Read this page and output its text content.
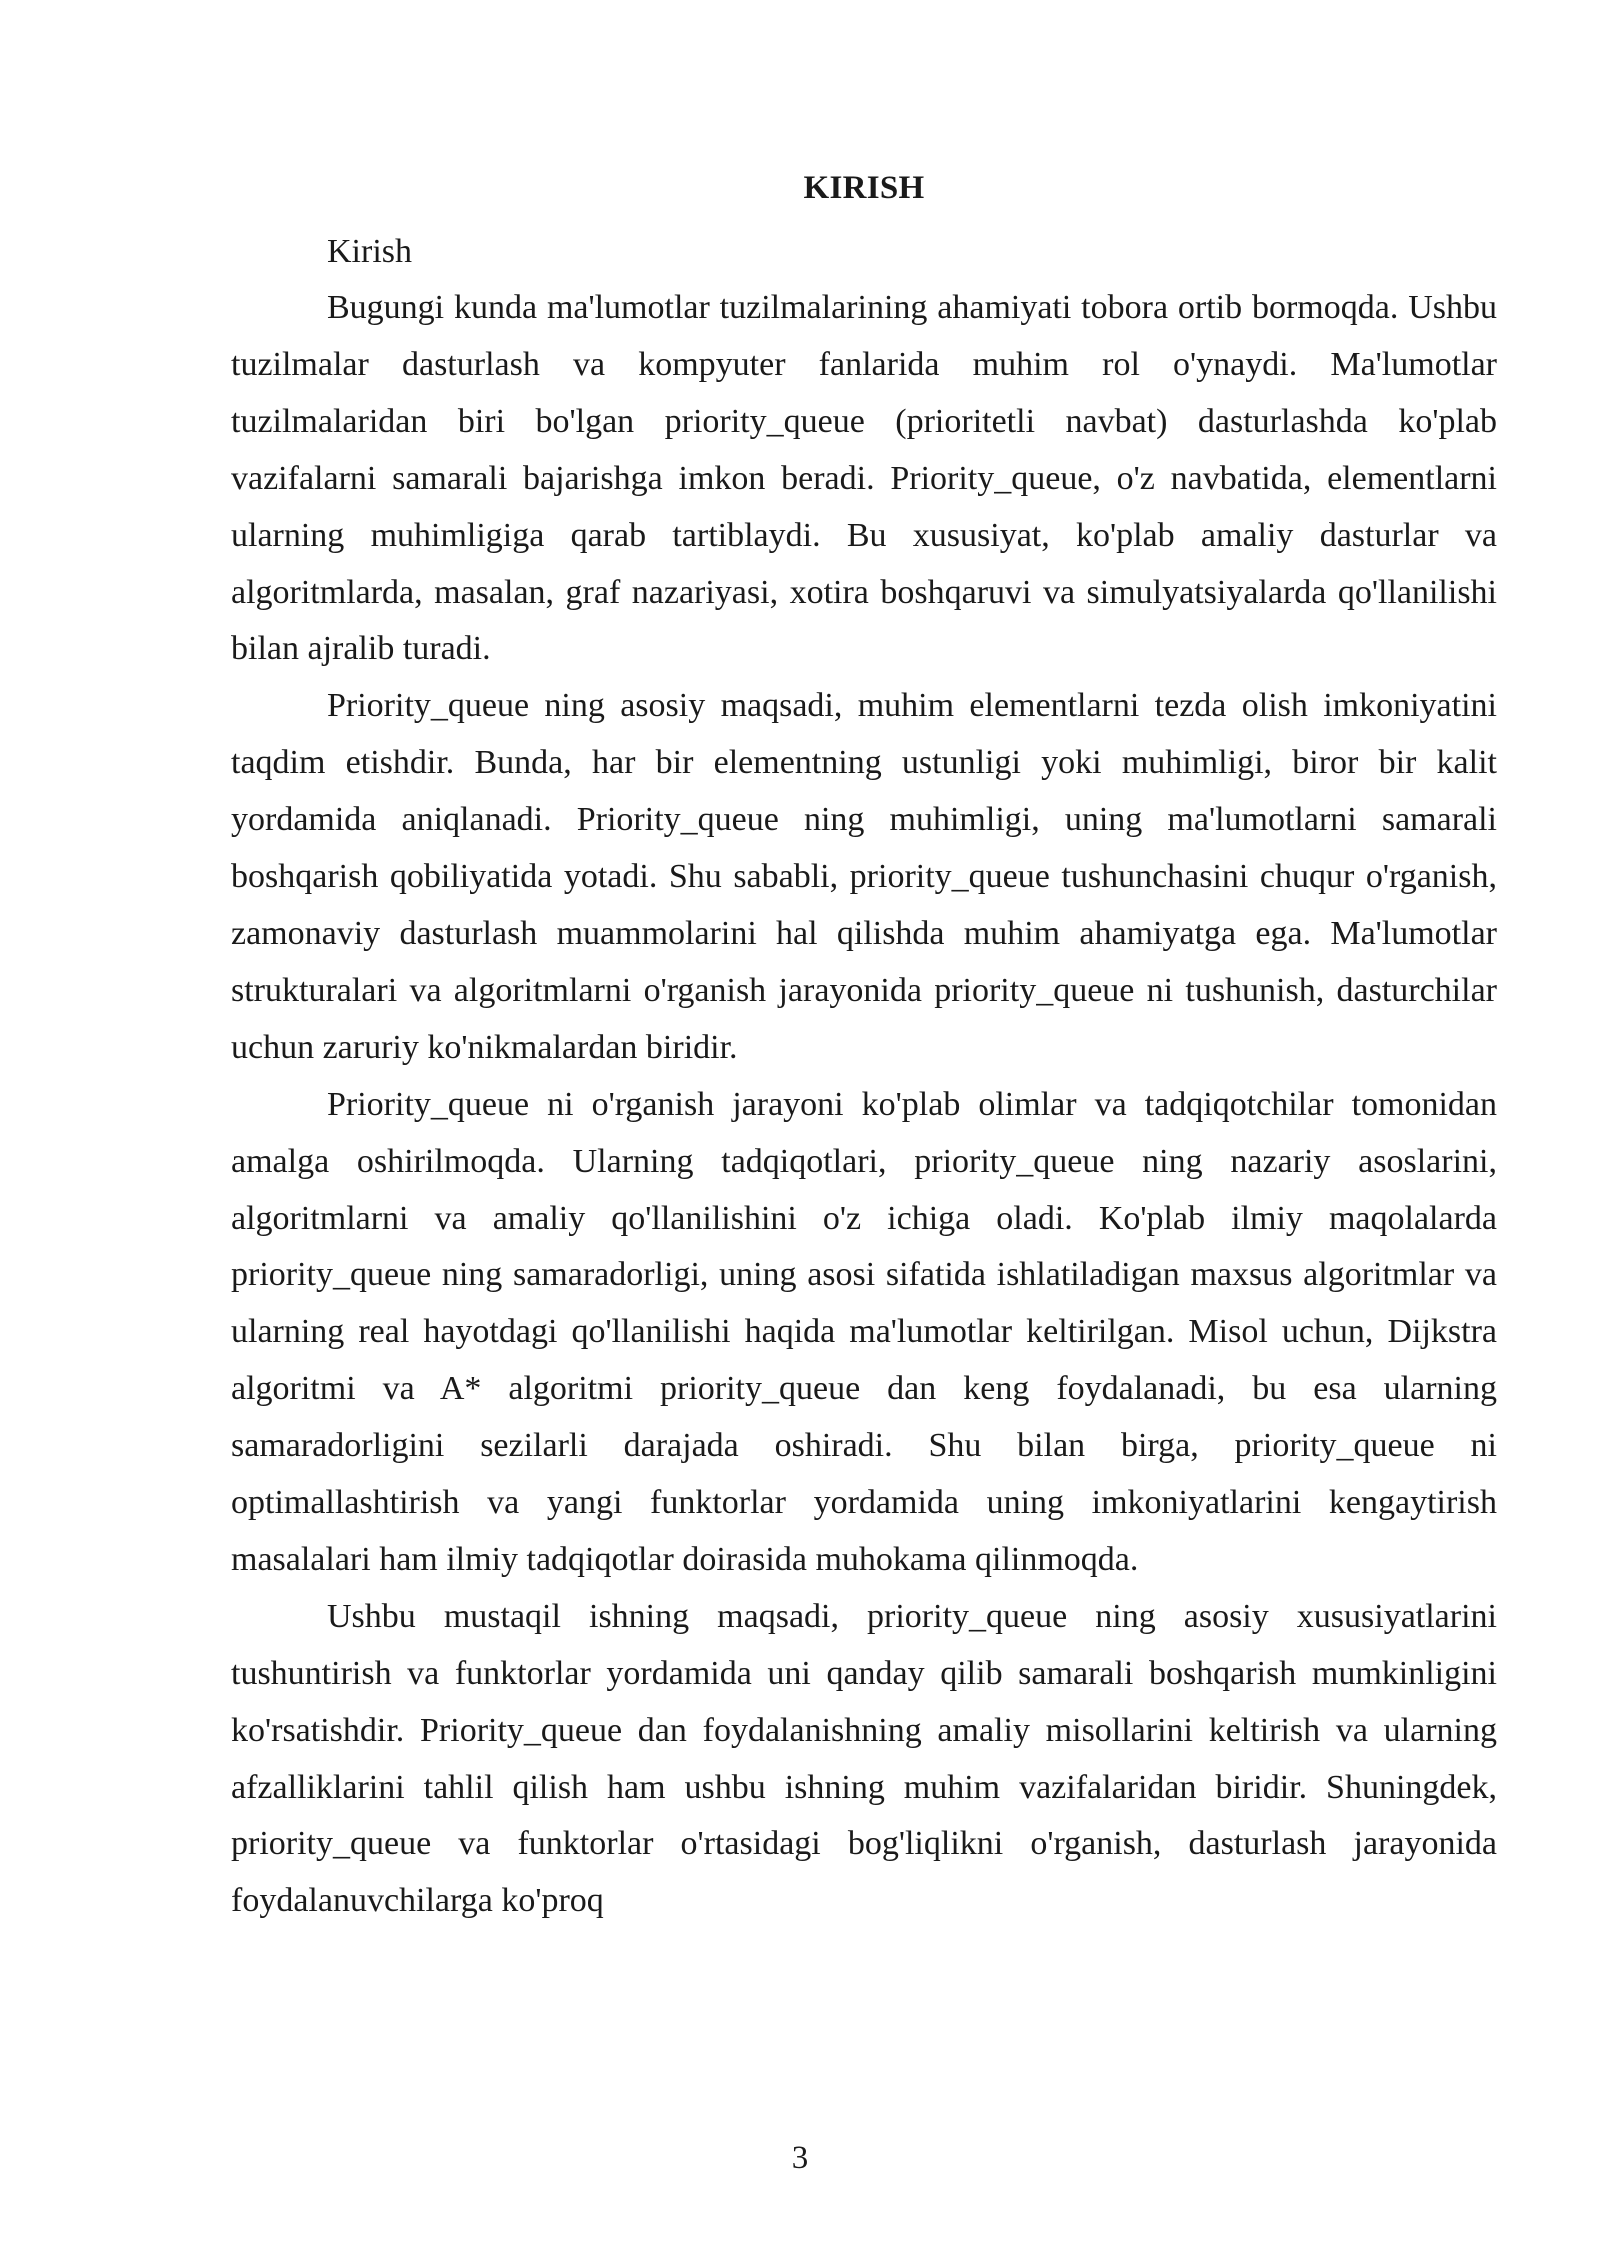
KIRISH

Kirish

Bugungi kunda ma'lumotlar tuzilmalarining ahamiyati tobora ortib bormoqda. Ushbu tuzilmalar dasturlash va kompyuter fanlarida muhim rol o'ynaydi. Ma'lumotlar tuzilmalaridan biri bo'lgan priority_queue (prioritetli navbat) dasturlashda ko'plab vazifalarni samarali bajarishga imkon beradi. Priority_queue, o'z navbatida, elementlarni ularning muhimligiga qarab tartiblaydi. Bu xususiyat, ko'plab amaliy dasturlar va algoritmlarda, masalan, graf nazariyasi, xotira boshqaruvi va simulyatsiyalarda qo'llanilishi bilan ajralib turadi.

Priority_queue ning asosiy maqsadi, muhim elementlarni tezda olish imkoniyatini taqdim etishdir. Bunda, har bir elementning ustunligi yoki muhimligi, biror bir kalit yordamida aniqlanadi. Priority_queue ning muhimligi, uning ma'lumotlarni samarali boshqarish qobiliyatida yotadi. Shu sababli, priority_queue tushunchasini chuqur o'rganish, zamonaviy dasturlash muammolarini hal qilishda muhim ahamiyatga ega. Ma'lumotlar strukturalari va algoritmlarni o'rganish jarayonida priority_queue ni tushunish, dasturchilar uchun zaruriy ko'nikmalardan biridir.

Priority_queue ni o'rganish jarayoni ko'plab olimlar va tadqiqotchilar tomonidan amalga oshirilmoqda. Ularning tadqiqotlari, priority_queue ning nazariy asoslarini, algoritmlarni va amaliy qo'llanilishini o'z ichiga oladi. Ko'plab ilmiy maqolalarda priority_queue ning samaradorligi, uning asosi sifatida ishlatiladigan maxsus algoritmlar va ularning real hayotdagi qo'llanilishi haqida ma'lumotlar keltirilgan. Misol uchun, Dijkstra algoritmi va A* algoritmi priority_queue dan keng foydalanadi, bu esa ularning samaradorligini sezilarli darajada oshiradi. Shu bilan birga, priority_queue ni optimallashtirish va yangi funktorlar yordamida uning imkoniyatlarini kengaytirish masalalari ham ilmiy tadqiqotlar doirasida muhokama qilinmoqda.

Ushbu mustaqil ishning maqsadi, priority_queue ning asosiy xususiyatlarini tushuntirish va funktorlar yordamida uni qanday qilib samarali boshqarish mumkinligini ko'rsatishdir. Priority_queue dan foydalanishning amaliy misollarini keltirish va ularning afzalliklarini tahlil qilish ham ushbu ishning muhim vazifalaridan biridir. Shuningdek, priority_queue va funktorlar o'rtasidagi bog'liqlikni o'rganish, dasturlash jarayonida foydalanuvchilarga ko'proq

3
